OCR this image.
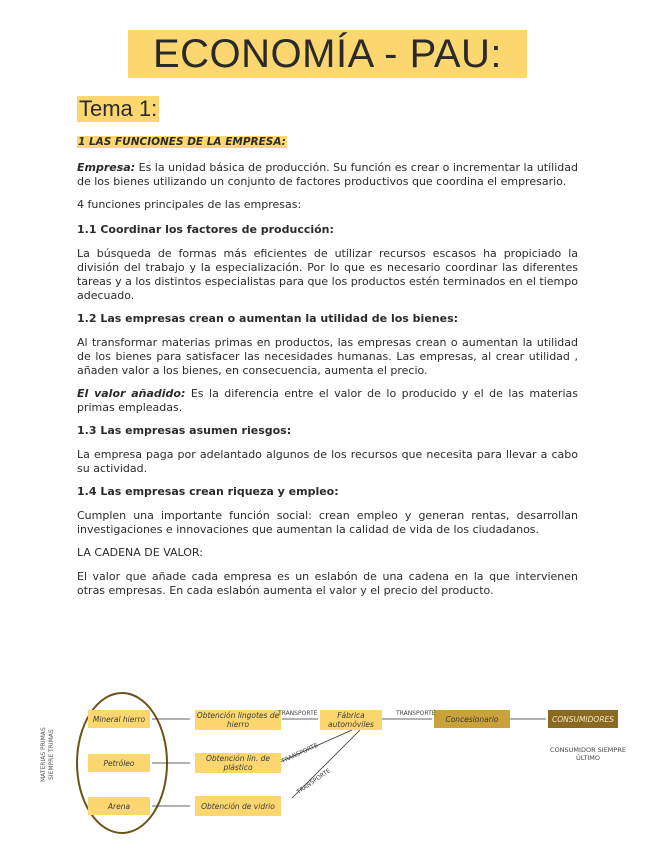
ECONOMÍA - PAU:
Tema 1:
1 LAS FUNCIONES DE LA EMPRESA:

Empresa: Es la unidad básica de producción. Su función es crear o incrementar la utilidad de los bienes utilizando un conjunto de factores productivos que coordina el empresario.

4 funciones principales de las empresas:

1.1 Coordinar los factores de producción:

La búsqueda de formas más eficientes de utilizar recursos escasos ha propiciado la división del trabajo y la especialización. Por lo que es necesario coordinar las diferentes tareas y a los distintos especialistas para que los productos estén terminados en el tiempo adecuado.

1.2 Las empresas crean o aumentan la utilidad de los bienes:

Al transformar materias primas en productos, las empresas crean o aumentan la utilidad de los bienes para satisfacer las necesidades humanas. Las empresas, al crear utilidad , añaden valor a los bienes, en consecuencia, aumenta el precio.

El valor añadido: Es la diferencia entre el valor de lo producido y el de las materias primas empleadas.

1.3 Las empresas asumen riesgos:

La empresa paga por adelantado algunos de los recursos que necesita para llevar a cabo su actividad.

1.4 Las empresas crean riqueza y empleo:

Cumplen una importante función social: crean empleo y generan rentas, desarrollan investigaciones e innovaciones que aumentan la calidad de vida de los ciudadanos.

LA CADENA DE VALOR:

El valor que añade cada empresa es un eslabón de una cadena en la que intervienen otras empresas. En cada eslabón aumenta el valor y el precio del producto.

MATERIAS PRIMAS SIEMPRE TRIMAS
Mineral hierro
Petróleo
Arena
Obtención lingotes de hierro
Obtención lin. de plástico
Obtención de vidrio
Fábrica automóviles
Concesionario	CONSUMIDORES
TRANSPORTE	TRANSPORTE
TRANSPORTE
TRANSPORTE
CONSUMIDOR SIEMPRE ÚLTIMO
